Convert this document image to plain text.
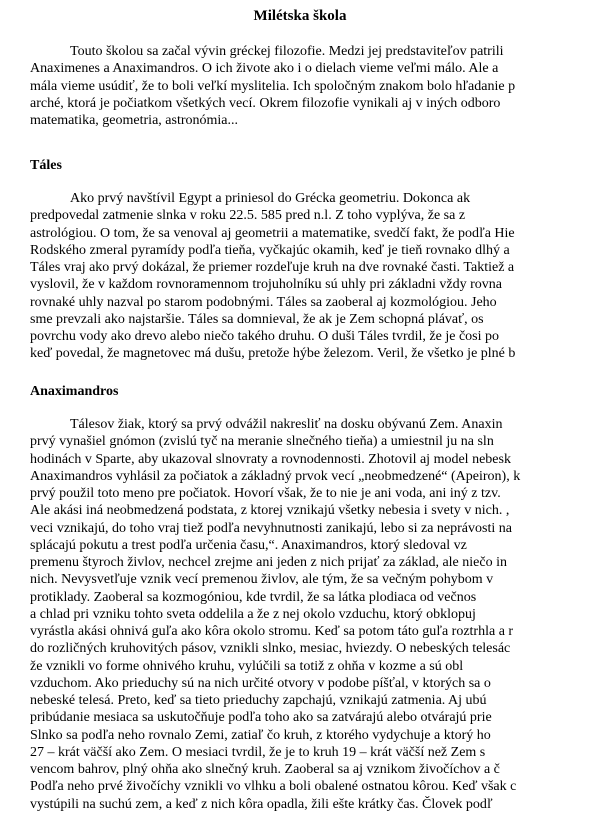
Milétska škola
Touto školou sa začal vývin gréckej filozofie. Medzi jej predstaviteľov patrili
Anaximenes a Anaximandros. O ich živote ako i o dielach vieme veľmi málo. Ale a
mála vieme usúdiť, že to boli veľkí myslitelia. Ich spoločným znakom bolo hľadanie p
arché, ktorá je počiatkom všetkých vecí. Okrem filozofie vynikali aj v iných odboro
matematika, geometria, astronómia...
Táles
Ako prvý navštívil Egypt a priniesol do Grécka geometriu. Dokonca ak
predpovedal zatmenie slnka v roku 22.5. 585 pred n.l. Z toho vyplýva, že sa z
astrológiou. O tom, že sa venoval aj geometrii a matematike, svedčí fakt, že podľa Hie
Rodského zmeral pyramídy podľa tieňa, vyčkajúc okamih, keď je tieň rovnako dlhý a
Táles vraj ako prvý dokázal, že priemer rozdeľuje kruh na dve rovnaké časti. Taktiež a
vyslovil, že v každom rovnoramennom trojuholníku sú uhly pri základni vždy rovna
rovnaké uhly nazval po starom podobnými. Táles sa zaoberal aj kozmológiou. Jeho
sme prevzali ako najstaršie. Táles sa domnieval, že ak je Zem schopná plávať, os
povrchu vody ako drevo alebo niečo takého druhu. O duši Táles tvrdil, že je čosi po
keď povedal, že magnetovec má dušu, pretože hýbe železom. Veril, že všetko je plné b
Anaximandros
Tálesov žiak, ktorý sa prvý odvážil nakresliť na dosku obývanú Zem. Anaxin
prvý vynašiel gnómon (zvislú tyč na meranie slnečného tieňa) a umiestnil ju na sln
hodinách v Sparte, aby ukazoval slnovraty a rovnodennosti. Zhotovil aj model nebesk
Anaximandros vyhlásil za počiatok a základný prvok vecí „neobmedzené“ (Apeiron), k
prvý použil toto meno pre počiatok. Hovorí však, že to nie je ani voda, ani iný z tzv.
Ale akási iná neobmedzená podstata, z ktorej vznikajú všetky nebesia i svety v nich. ,
veci vznikajú, do toho vraj tiež podľa nevyhnutnosti zanikajú, lebo si za neprávosti na
splácajú pokutu a trest podľa určenia času,“. Anaximandros, ktorý sledoval vz
premenu štyroch živlov, nechcel zrejme ani jeden z nich prijať za základ, ale niečo in
nich. Nevysvetľuje vznik vecí premenou živlov, ale tým, že sa večným pohybom v
protiklady. Zaoberal sa kozmogóniou, kde tvrdil, že sa látka plodiaca od večnos
a chlad pri vzniku tohto sveta oddelila a že z nej okolo vzduchu, ktorý obklopuj
vyrástla akási ohnivá guľa ako kôra okolo stromu. Keď sa potom táto guľa roztrhla a r
do rozličných kruhovitých pásov, vznikli slnko, mesiac, hviezdy. O nebeských telesác
že vznikli vo forme ohnivého kruhu, vylúčili sa totiž z ohňa v kozme a sú obl
vzduchom. Ako prieduchy sú na nich určité otvory v podobe píšťal, v ktorých sa o
nebeské telesá. Preto, keď sa tieto prieduchy zapchajú, vznikajú zatmenia. Aj ubú
pribúdanie mesiaca sa uskutočňuje podľa toho ako sa zatvárajú alebo otvárajú prie
Slnko sa podľa neho rovnalo Zemi, zatiaľ čo kruh, z ktorého vydychuje a ktorý ho
27 – krát väčší ako Zem. O mesiaci tvrdil, že je to kruh 19 – krát väčší než Zem s
vencom bahrov, plný ohňa ako slnečný kruh. Zaoberal sa aj vznikom živočíchov a č
Podľa neho prvé živočíchy vznikli vo vlhku a boli obalené ostnatou kôrou. Keď však c
vystúpili na suchú zem, a keď z nich kôra opadla, žili ešte krátky čas. Človek podľ
